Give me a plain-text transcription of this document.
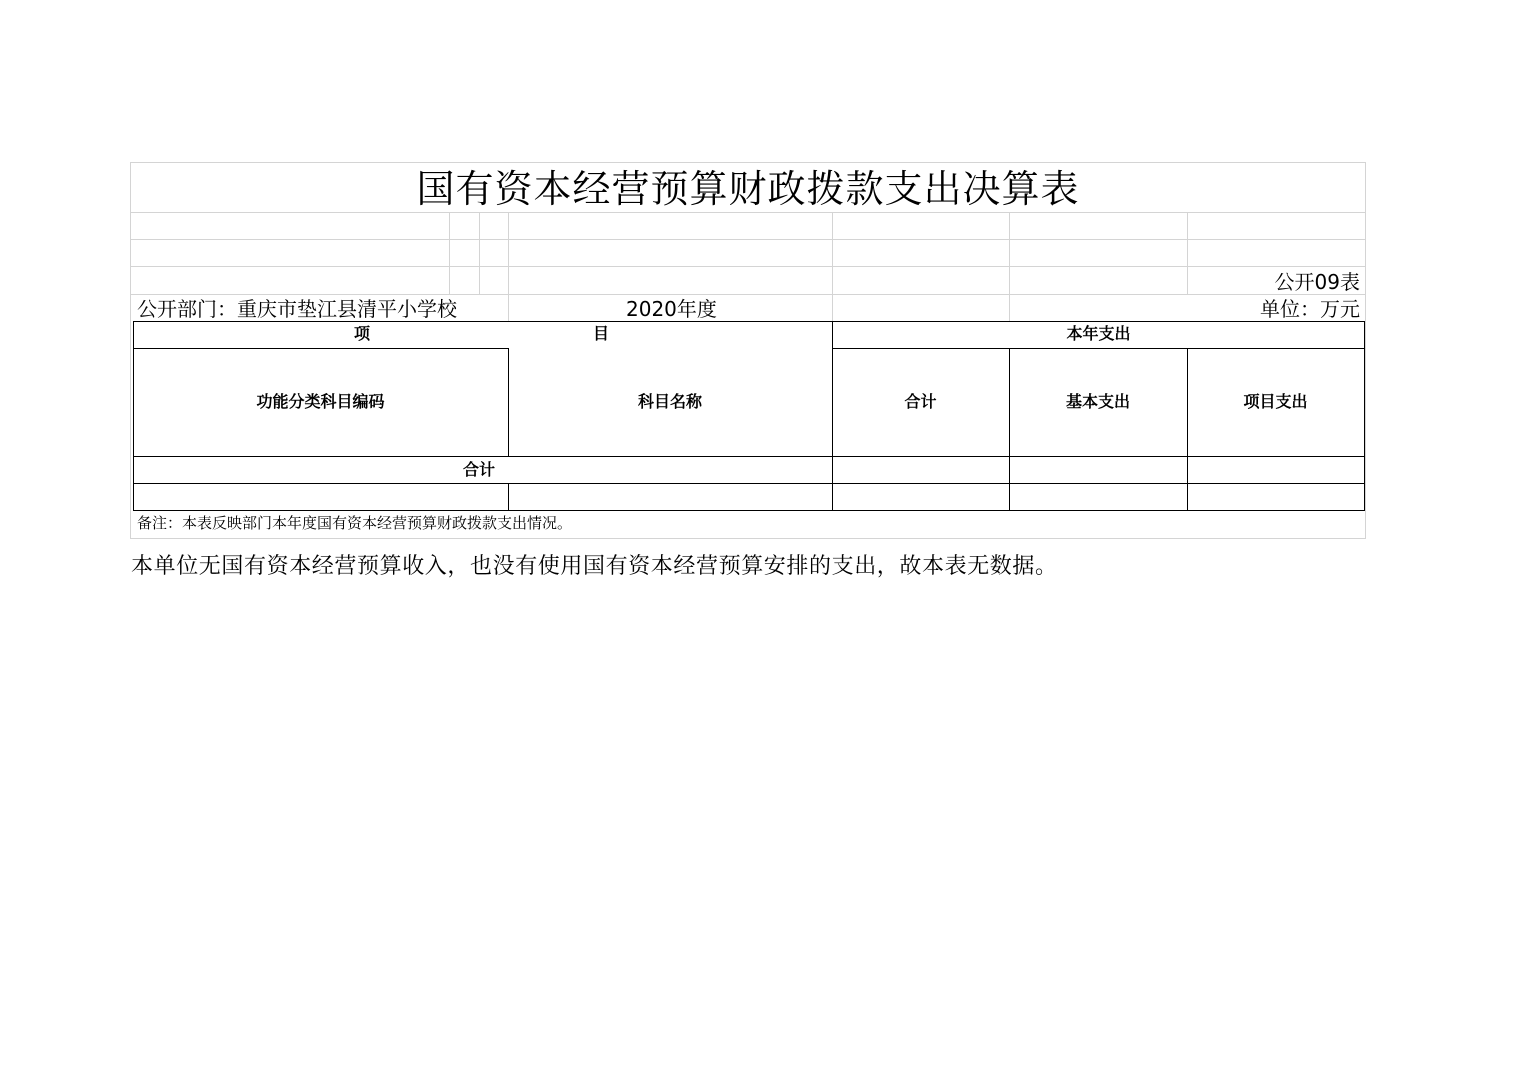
国有资本经营预算财政拨款支出决算表
公开09表
公开部门：重庆市垫江县清平小学校	2020年度	单位：万元
项	目	本年支出
功能分类科目编码	科目名称	合计	基本支出	项目支出
合计
备注：本表反映部门本年度国有资本经营预算财政拨款支出情况。
本单位无国有资本经营预算收入，也没有使用国有资本经营预算安排的支出，故本表无数据。
